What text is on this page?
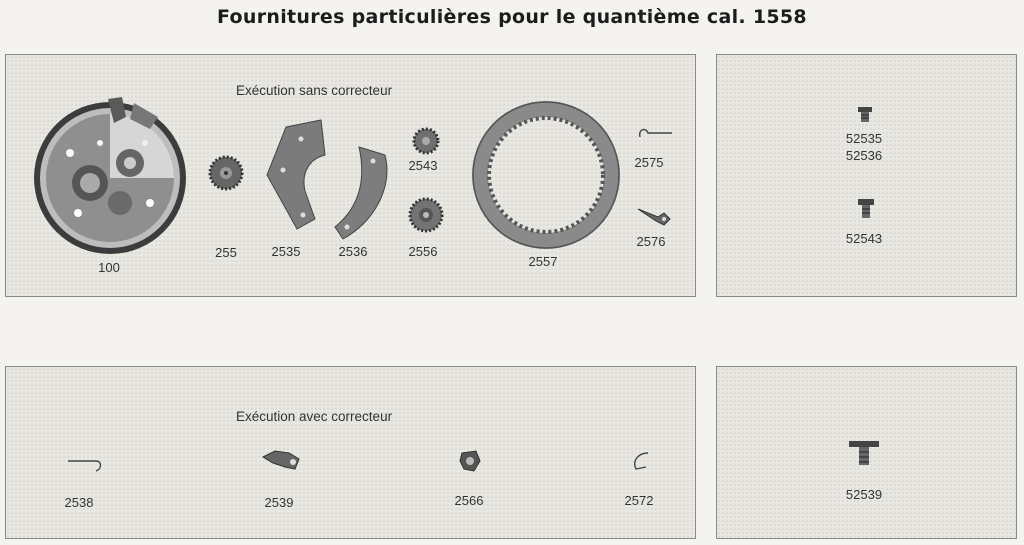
Fournitures particulières pour le quantième cal. 1558
Exécution sans correcteur
100
255	2535	2536
2543
2556
2557
2575
2576
52535
52536
52543
Exécution avec correcteur
2538	2539	2566	2572	52539
